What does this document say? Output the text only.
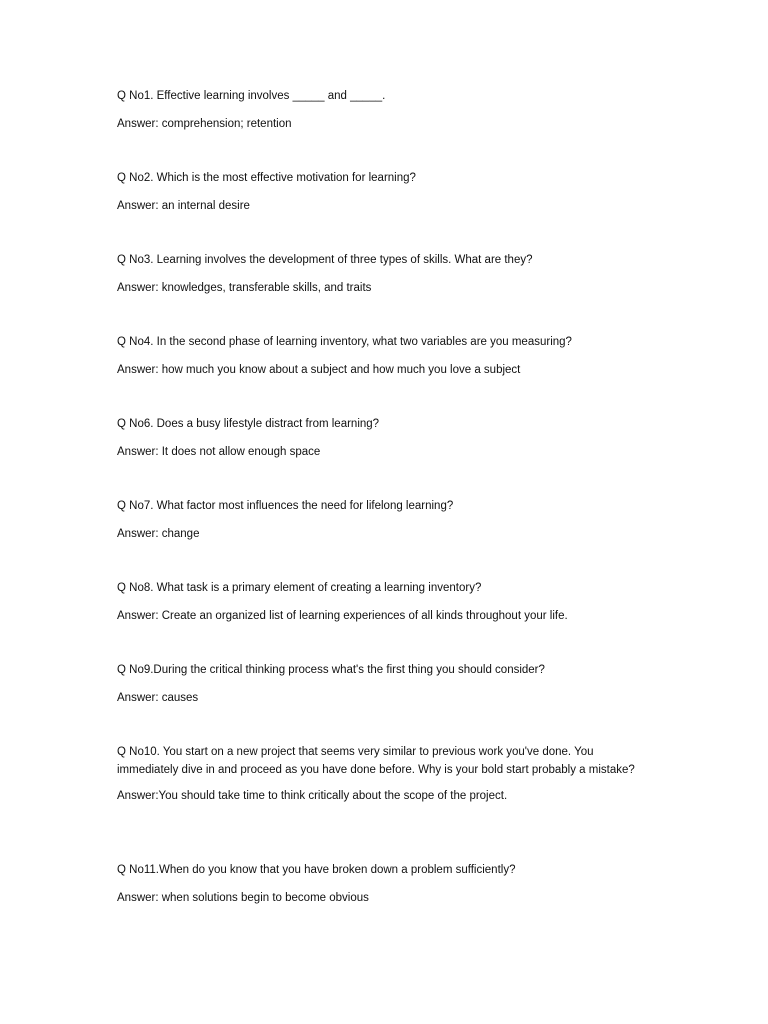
Q No1. Effective learning involves _____ and _____.

Answer: comprehension; retention

Q No2. Which is the most effective motivation for learning?

Answer: an internal desire

Q No3. Learning involves the development of three types of skills. What are they?

Answer: knowledges, transferable skills, and traits

Q No4. In the second phase of learning inventory, what two variables are you measuring?

Answer: how much you know about a subject and how much you love a subject

Q No6. Does a busy lifestyle distract from learning?

Answer: It does not allow enough space

Q No7. What factor most influences the need for lifelong learning?

Answer: change

Q No8. What task is a primary element of creating a learning inventory?

Answer: Create an organized list of learning experiences of all kinds throughout your life.

Q No9.During the critical thinking process what's the first thing you should consider?

Answer: causes

Q No10. You start on a new project that seems very similar to previous work you've done. You immediately dive in and proceed as you have done before. Why is your bold start probably a mistake?

Answer:You should take time to think critically about the scope of the project.

Q No11.When do you know that you have broken down a problem sufficiently?

Answer: when solutions begin to become obvious
